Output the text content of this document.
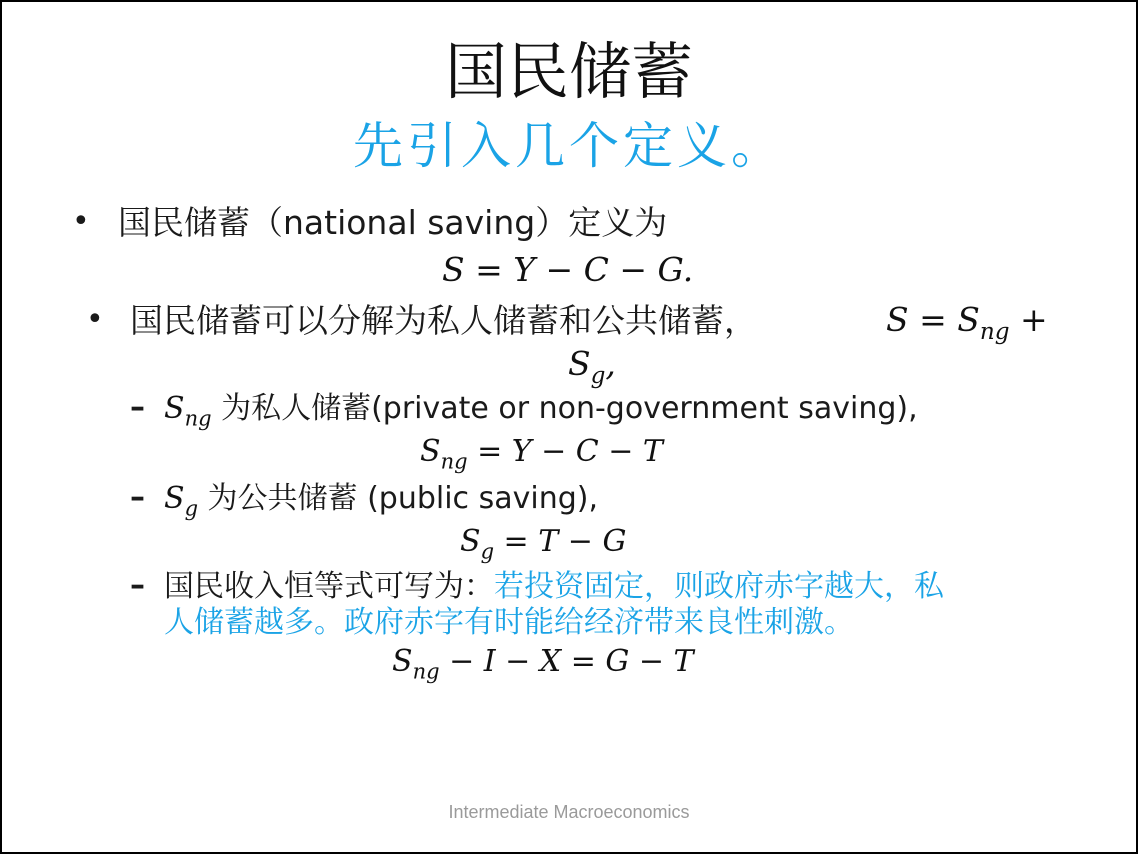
国民储蓄
先引入几个定义。
• 国民储蓄（national saving）定义为
S = Y − C − G.
• 国民储蓄可以分解为私人储蓄和公共储蓄，	$S = S_{ng}$ +
$S_g$,
– $S_{ng}$ 为私人储蓄(private or non-government saving),
$S_{ng} = Y - C - T$
– $S_g$ 为公共储蓄 (public saving),
$S_g = T - G$
– 国民收入恒等式可写为：若投资固定，则政府赤字越大，私
人储蓄越多。政府赤字有时能给经济带来良性刺激。
$S_{ng} - I - X = G - T$
Intermediate Macroeconomics
